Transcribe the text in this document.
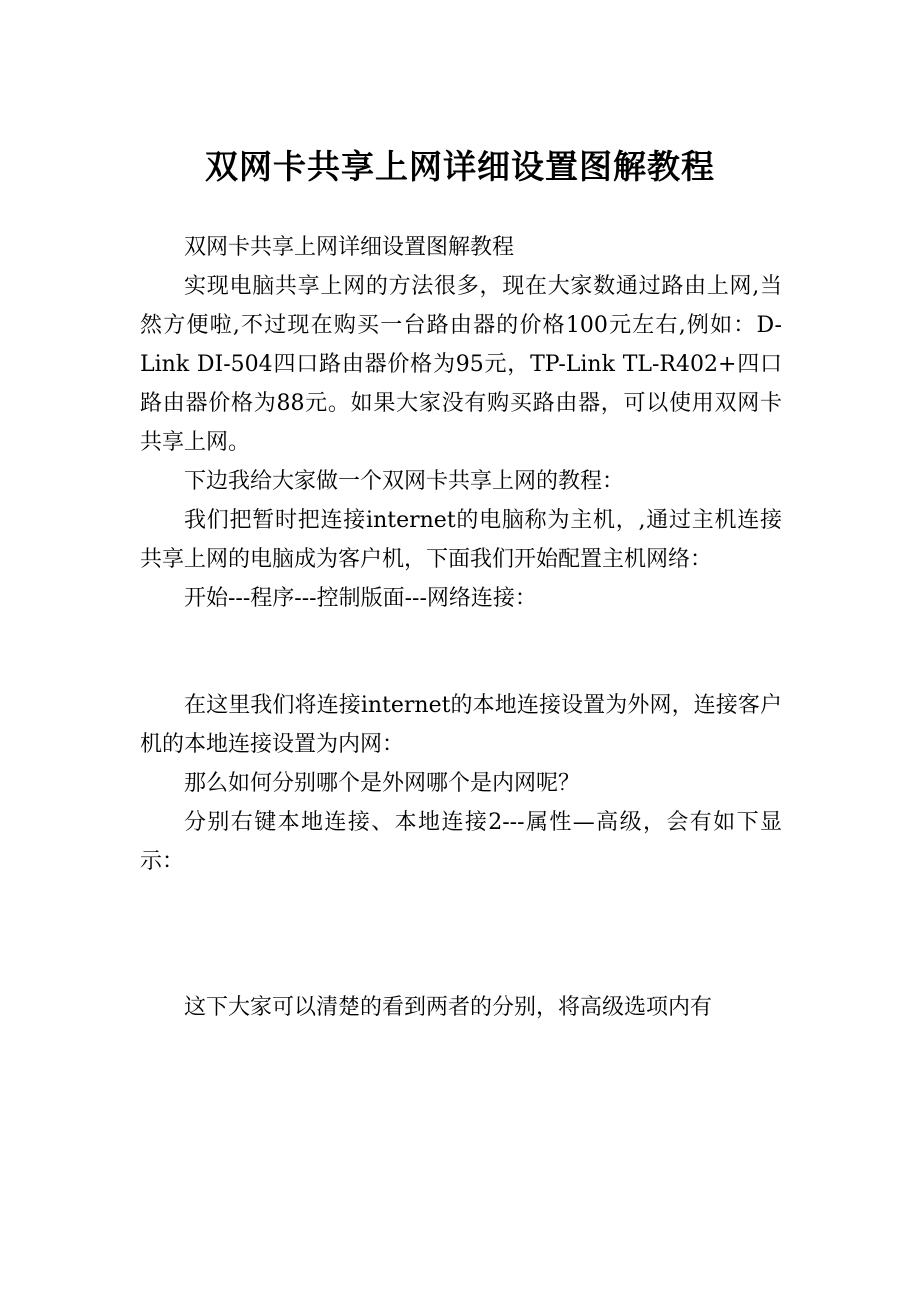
双网卡共享上网详细设置图解教程

双网卡共享上网详细设置图解教程

实现电脑共享上网的方法很多，现在大家数通过路由上网,当然方便啦,不过现在购买一台路由器的价格100元左右,例如：D-Link DI-504四口路由器价格为95元，TP-Link TL-R402+四口路由器价格为88元。如果大家没有购买路由器，可以使用双网卡共享上网。

下边我给大家做一个双网卡共享上网的教程：

我们把暂时把连接internet的电脑称为主机，,通过主机连接共享上网的电脑成为客户机，下面我们开始配置主机网络：

开始---程序---控制版面---网络连接：

在这里我们将连接internet的本地连接设置为外网，连接客户机的本地连接设置为内网：

那么如何分别哪个是外网哪个是内网呢？

分别右键本地连接、本地连接2---属性—高级，会有如下显示：

这下大家可以清楚的看到两者的分别，将高级选项内有
